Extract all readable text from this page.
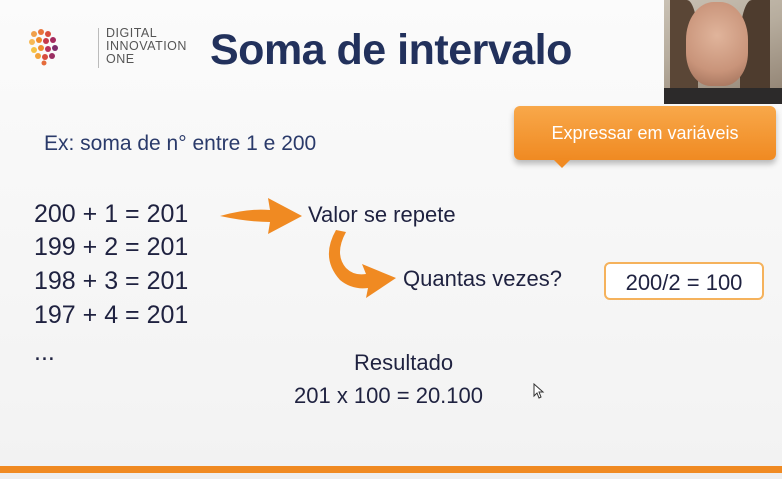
DIGITAL
INNOVATION
ONE	Soma de intervalo
Expressar em variáveis
Ex: soma de n° entre 1 e 200
200 + 1 = 201
199 + 2 = 201
198 + 3 = 201
197 + 4 = 201
...
Valor se repete
Quantas vezes?	200/2 = 100
Resultado
201 x 100 = 20.100
